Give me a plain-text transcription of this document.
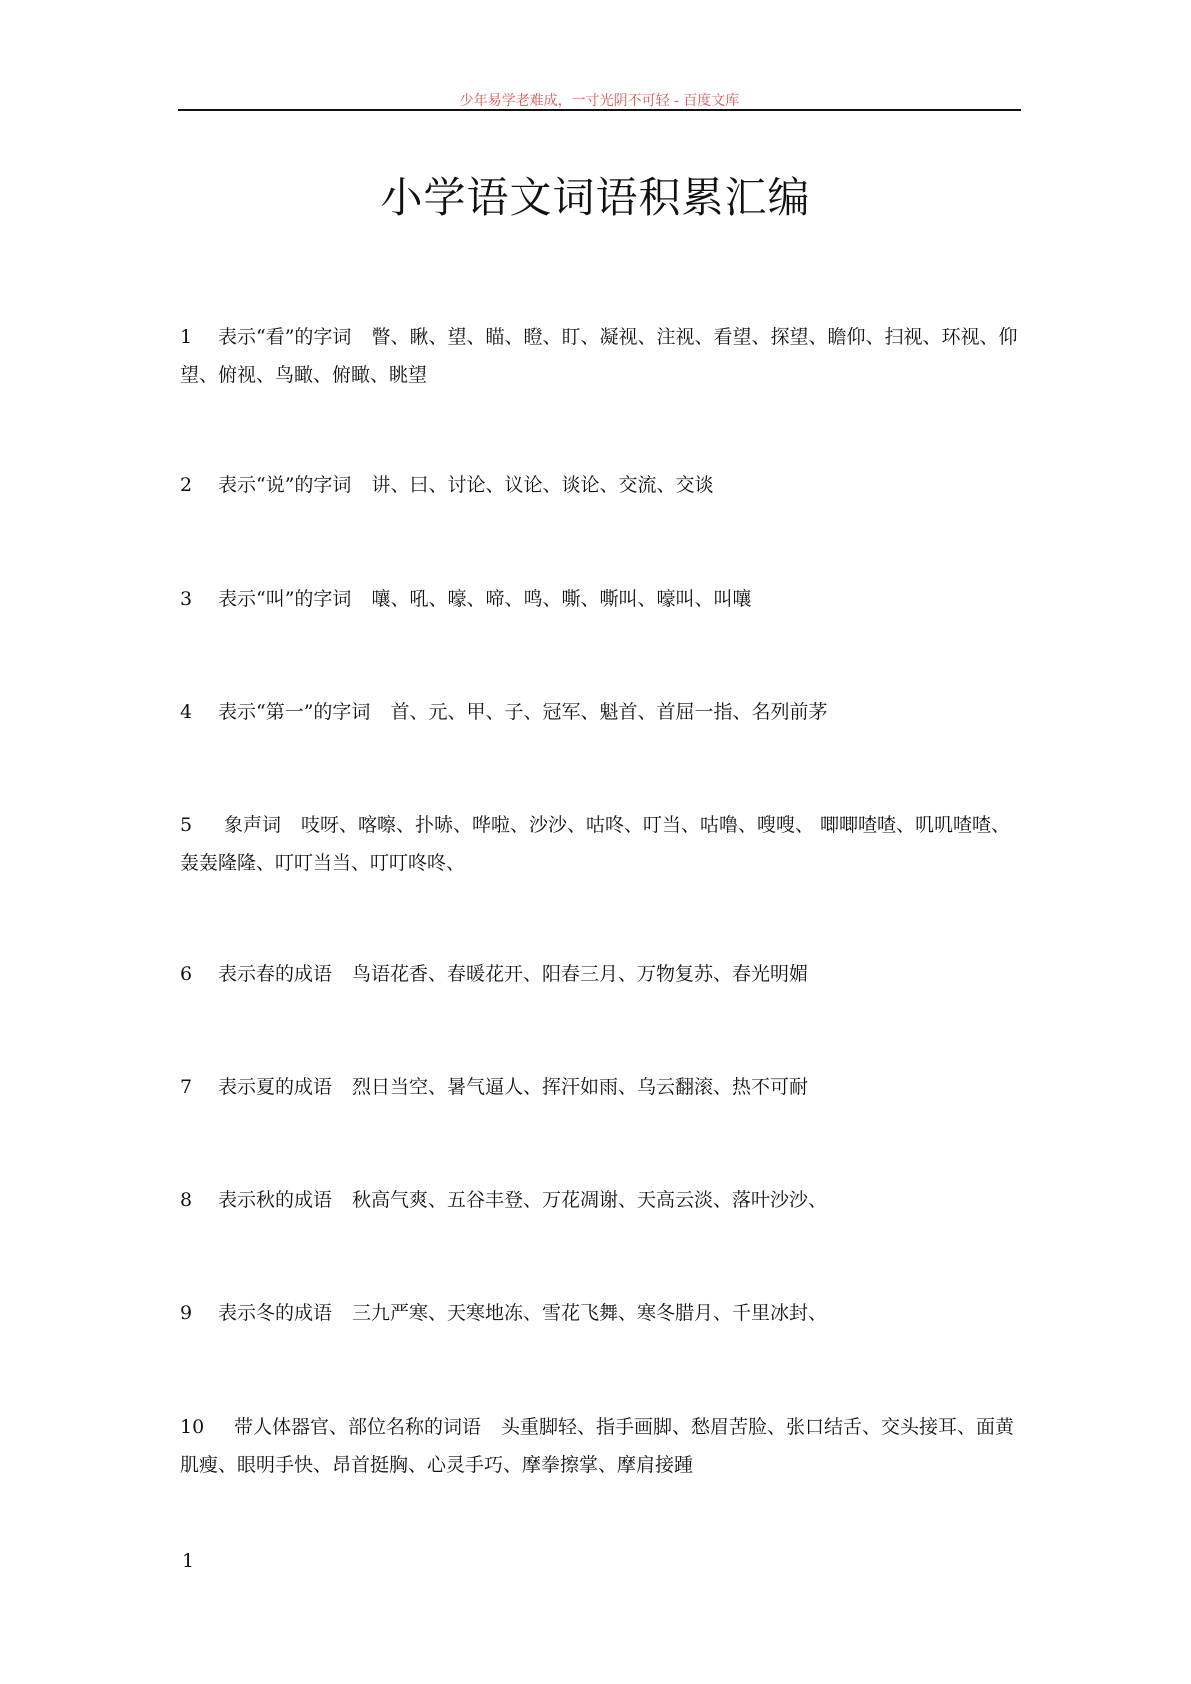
少年易学老难成，一寸光阴不可轻 - 百度文库
小学语文词语积累汇编
1 表示“看”的字词 瞥、瞅、望、瞄、瞪、盯、凝视、注视、看望、探望、瞻仰、扫视、环视、仰望、俯视、鸟瞰、俯瞰、眺望
2 表示“说”的字词 讲、曰、讨论、议论、谈论、交流、交谈
3 表示“叫”的字词 嚷、吼、嚎、啼、鸣、嘶、嘶叫、嚎叫、叫嚷
4 表示“第一”的字词 首、元、甲、子、冠军、魁首、首屈一指、名列前茅
5 象声词 吱呀、喀嚓、扑哧、哗啦、沙沙、咕咚、叮当、咕噜、嗖嗖、 唧唧喳喳、叽叽喳喳、轰轰隆隆、叮叮当当、叮叮咚咚、
6 表示春的成语 鸟语花香、春暖花开、阳春三月、万物复苏、春光明媚
7 表示夏的成语 烈日当空、暑气逼人、挥汗如雨、乌云翻滚、热不可耐
8 表示秋的成语 秋高气爽、五谷丰登、万花凋谢、天高云淡、落叶沙沙、
9 表示冬的成语 三九严寒、天寒地冻、雪花飞舞、寒冬腊月、千里冰封、
10 带人体器官、部位名称的词语 头重脚轻、指手画脚、愁眉苦脸、张口结舌、交头接耳、面黄肌瘦、眼明手快、昂首挺胸、心灵手巧、摩拳擦掌、摩肩接踵
1
